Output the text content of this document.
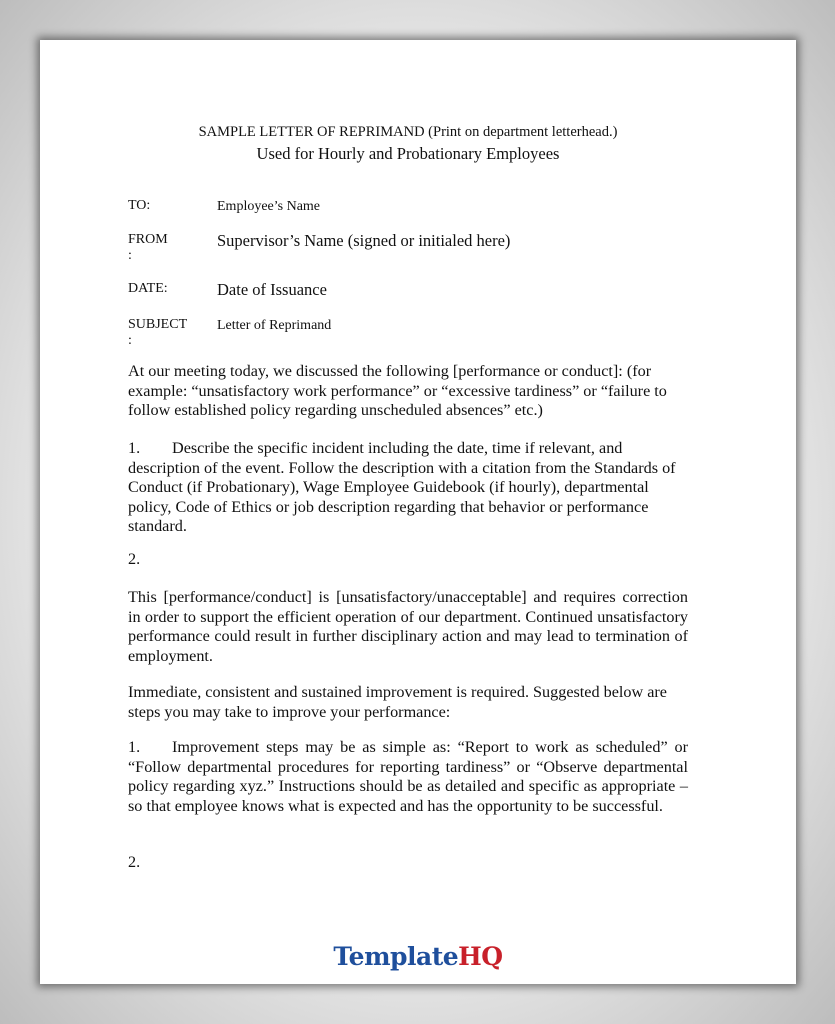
SAMPLE LETTER OF REPRIMAND (Print on department letterhead.)
Used for Hourly and Probationary Employees
TO:	Employee’s Name
FROM
:
Supervisor’s Name (signed or initialed here)
DATE:	Date of Issuance
SUBJECT
:
Letter of Reprimand

At our meeting today, we discussed the following [performance or conduct]: (for example: “unsatisfactory work performance” or “excessive tardiness” or “failure to follow established policy regarding unscheduled absences” etc.)

1. Describe the specific incident including the date, time if relevant, and description of the event. Follow the description with a citation from the Standards of Conduct (if Probationary), Wage Employee Guidebook (if hourly), departmental policy, Code of Ethics or job description regarding that behavior or performance standard.

2.

This [performance/conduct] is [unsatisfactory/unacceptable] and requires correction in order to support the efficient operation of our department. Continued unsatisfactory performance could result in further disciplinary action and may lead to termination of employment.

Immediate, consistent and sustained improvement is required. Suggested below are steps you may take to improve your performance:

1. Improvement steps may be as simple as: “Report to work as scheduled” or “Follow departmental procedures for reporting tardiness” or “Observe departmental policy regarding xyz.” Instructions should be as detailed and specific as appropriate – so that employee knows what is expected and has the opportunity to be successful.

2.

TemplateHQ
